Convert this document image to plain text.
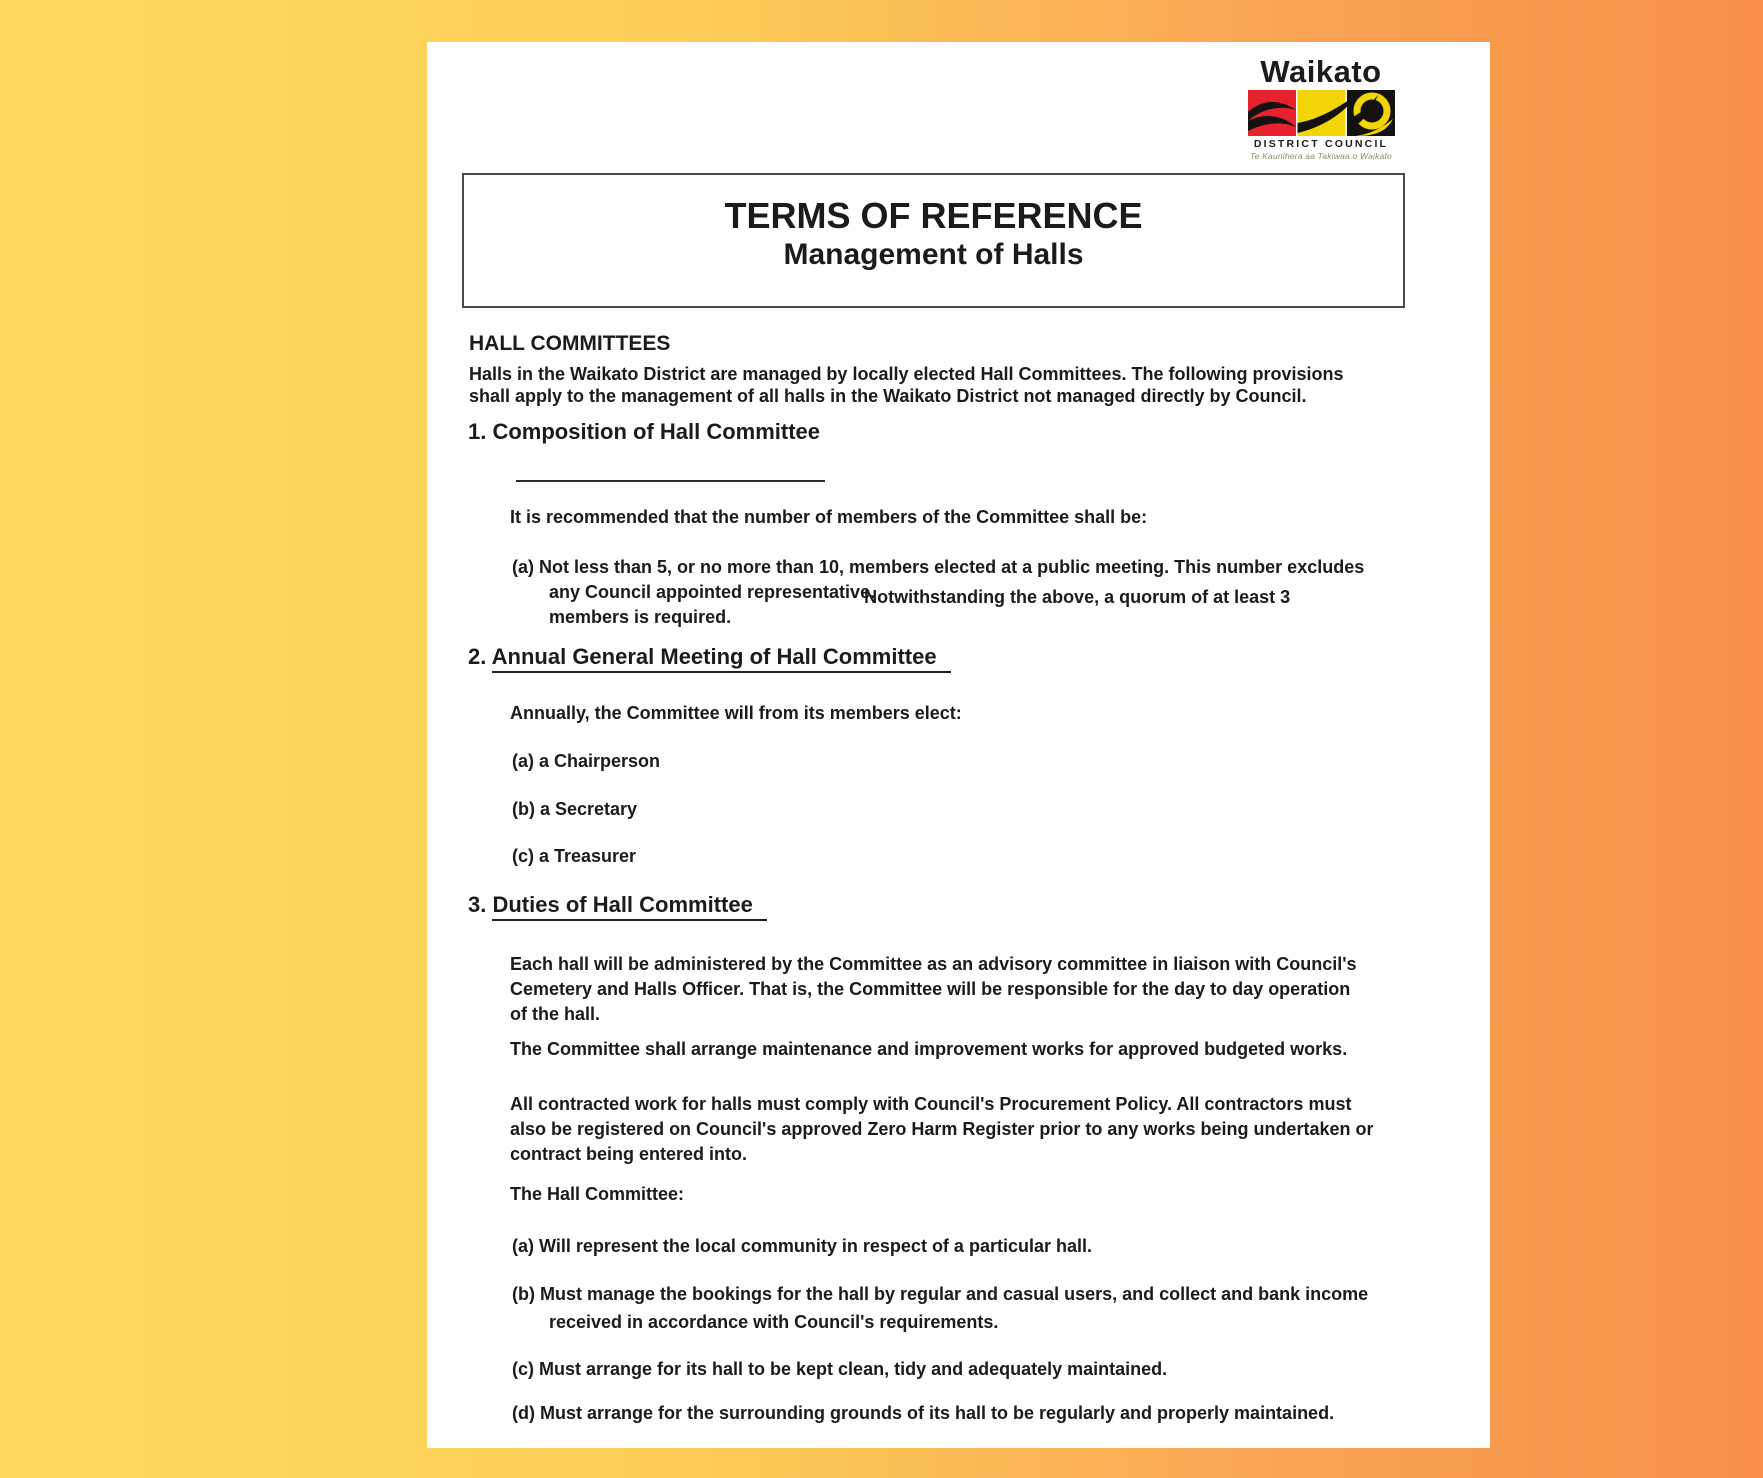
Waikato
DISTRICT COUNCIL
Te Kaunihera aa Takiwaa o Waikato
TERMS OF REFERENCE
Management of Halls
HALL COMMITTEES
Halls in the Waikato District are managed by locally elected Hall Committees. The following provisions
shall apply to the management of all halls in the Waikato District not managed directly by Council.
1. Composition of Hall Committee
It is recommended that the number of members of the Committee shall be:
(a) Not less than 5, or no more than 10, members elected at a public meeting. This number excludes
any Council appointed representative.Notwithstanding the above, a quorum of at least 3
members is required.
2. Annual General Meeting of Hall Committee
Annually, the Committee will from its members elect:
(a) a Chairperson
(b) a Secretary
(c) a Treasurer
3. Duties of Hall Committee
Each hall will be administered by the Committee as an advisory committee in liaison with Council's
Cemetery and Halls Officer. That is, the Committee will be responsible for the day to day operation
of the hall.
The Committee shall arrange maintenance and improvement works for approved budgeted works.
All contracted work for halls must comply with Council's Procurement Policy. All contractors must
also be registered on Council's approved Zero Harm Register prior to any works being undertaken or
contract being entered into.
The Hall Committee:
(a) Will represent the local community in respect of a particular hall.
(b) Must manage the bookings for the hall by regular and casual users, and collect and bank income
received in accordance with Council's requirements.
(c) Must arrange for its hall to be kept clean, tidy and adequately maintained.
(d) Must arrange for the surrounding grounds of its hall to be regularly and properly maintained.
